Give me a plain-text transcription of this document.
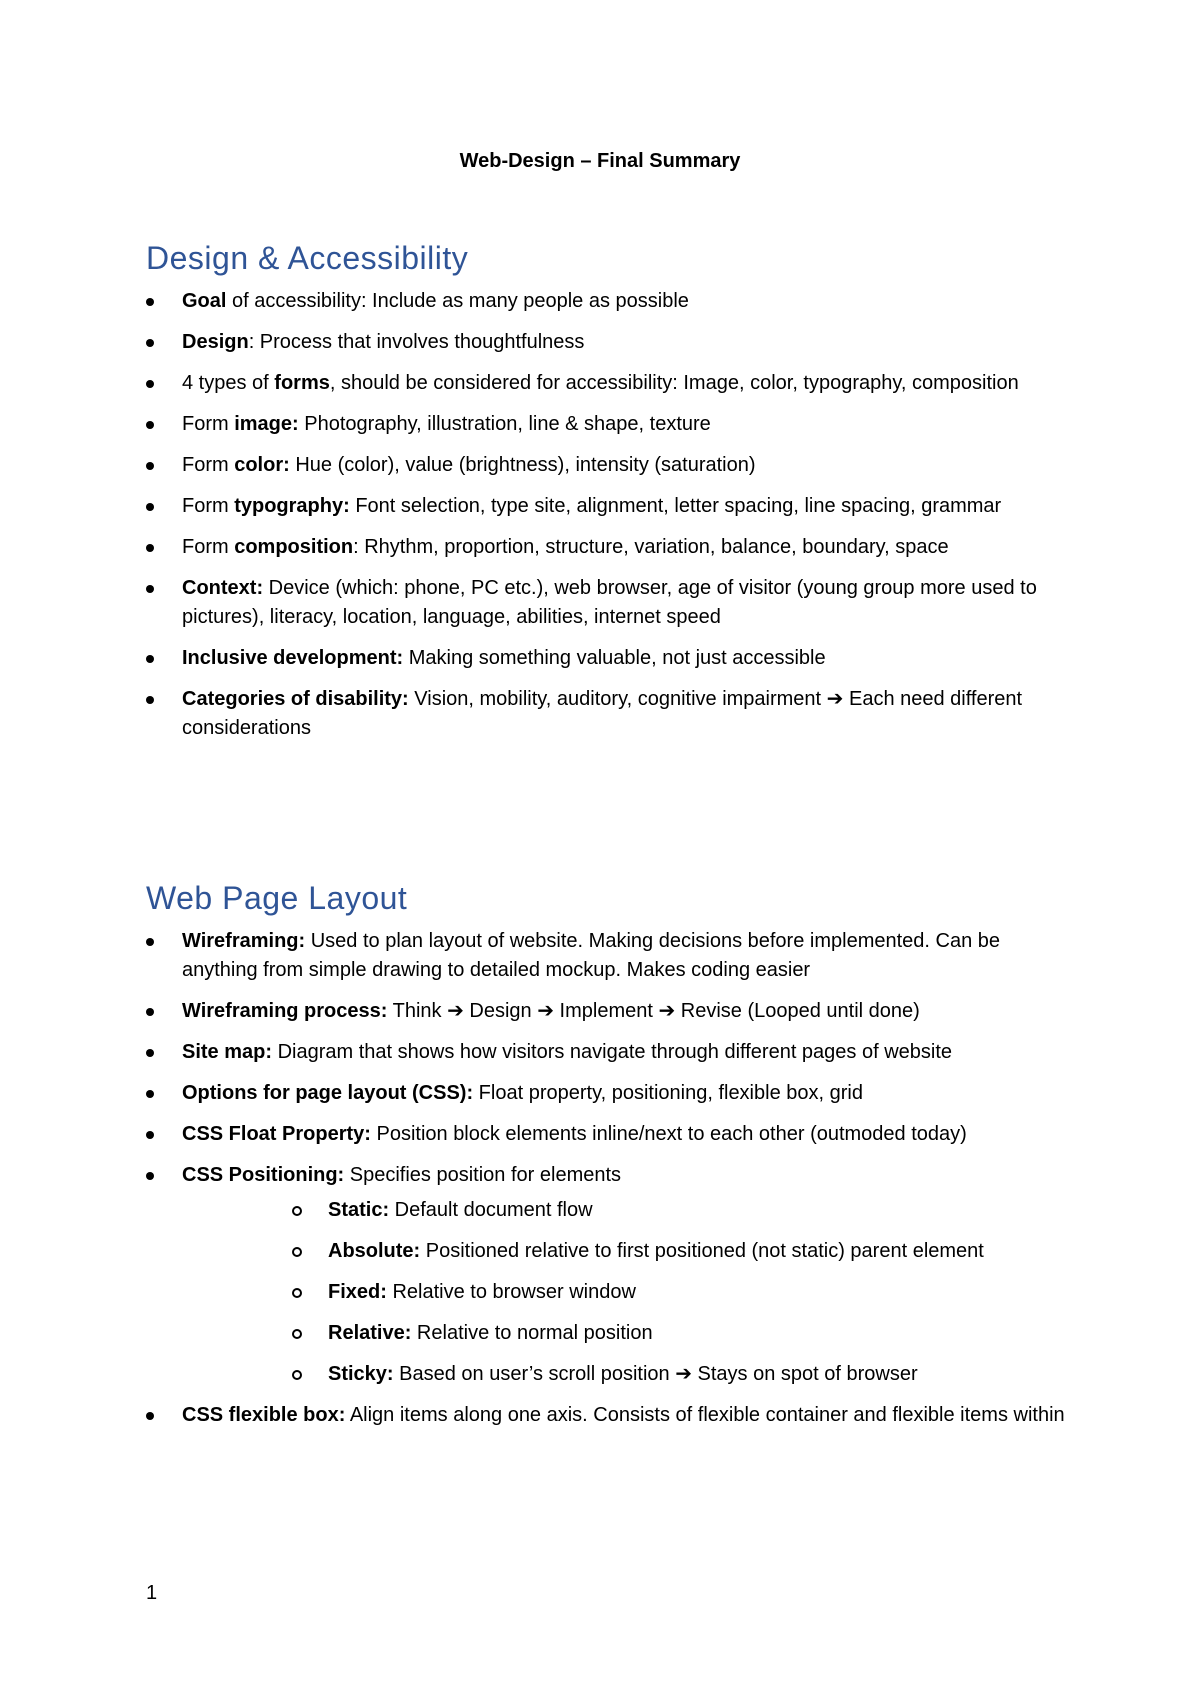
Web-Design – Final Summary
Design & Accessibility
Goal of accessibility: Include as many people as possible
Design: Process that involves thoughtfulness
4 types of forms, should be considered for accessibility: Image, color, typography, composition
Form image: Photography, illustration, line & shape, texture
Form color: Hue (color), value (brightness), intensity (saturation)
Form typography: Font selection, type site, alignment, letter spacing, line spacing, grammar
Form composition: Rhythm, proportion, structure, variation, balance, boundary, space
Context: Device (which: phone, PC etc.), web browser, age of visitor (young group more used to pictures), literacy, location, language, abilities, internet speed
Inclusive development: Making something valuable, not just accessible
Categories of disability: Vision, mobility, auditory, cognitive impairment ➔ Each need different considerations
Web Page Layout
Wireframing: Used to plan layout of website. Making decisions before implemented. Can be anything from simple drawing to detailed mockup. Makes coding easier
Wireframing process: Think ➔ Design ➔ Implement ➔ Revise (Looped until done)
Site map: Diagram that shows how visitors navigate through different pages of website
Options for page layout (CSS): Float property, positioning, flexible box, grid
CSS Float Property: Position block elements inline/next to each other (outmoded today)
CSS Positioning: Specifies position for elements
Static: Default document flow
Absolute: Positioned relative to first positioned (not static) parent element
Fixed: Relative to browser window
Relative: Relative to normal position
Sticky: Based on user’s scroll position ➔ Stays on spot of browser
CSS flexible box: Align items along one axis. Consists of flexible container and flexible items within
1
